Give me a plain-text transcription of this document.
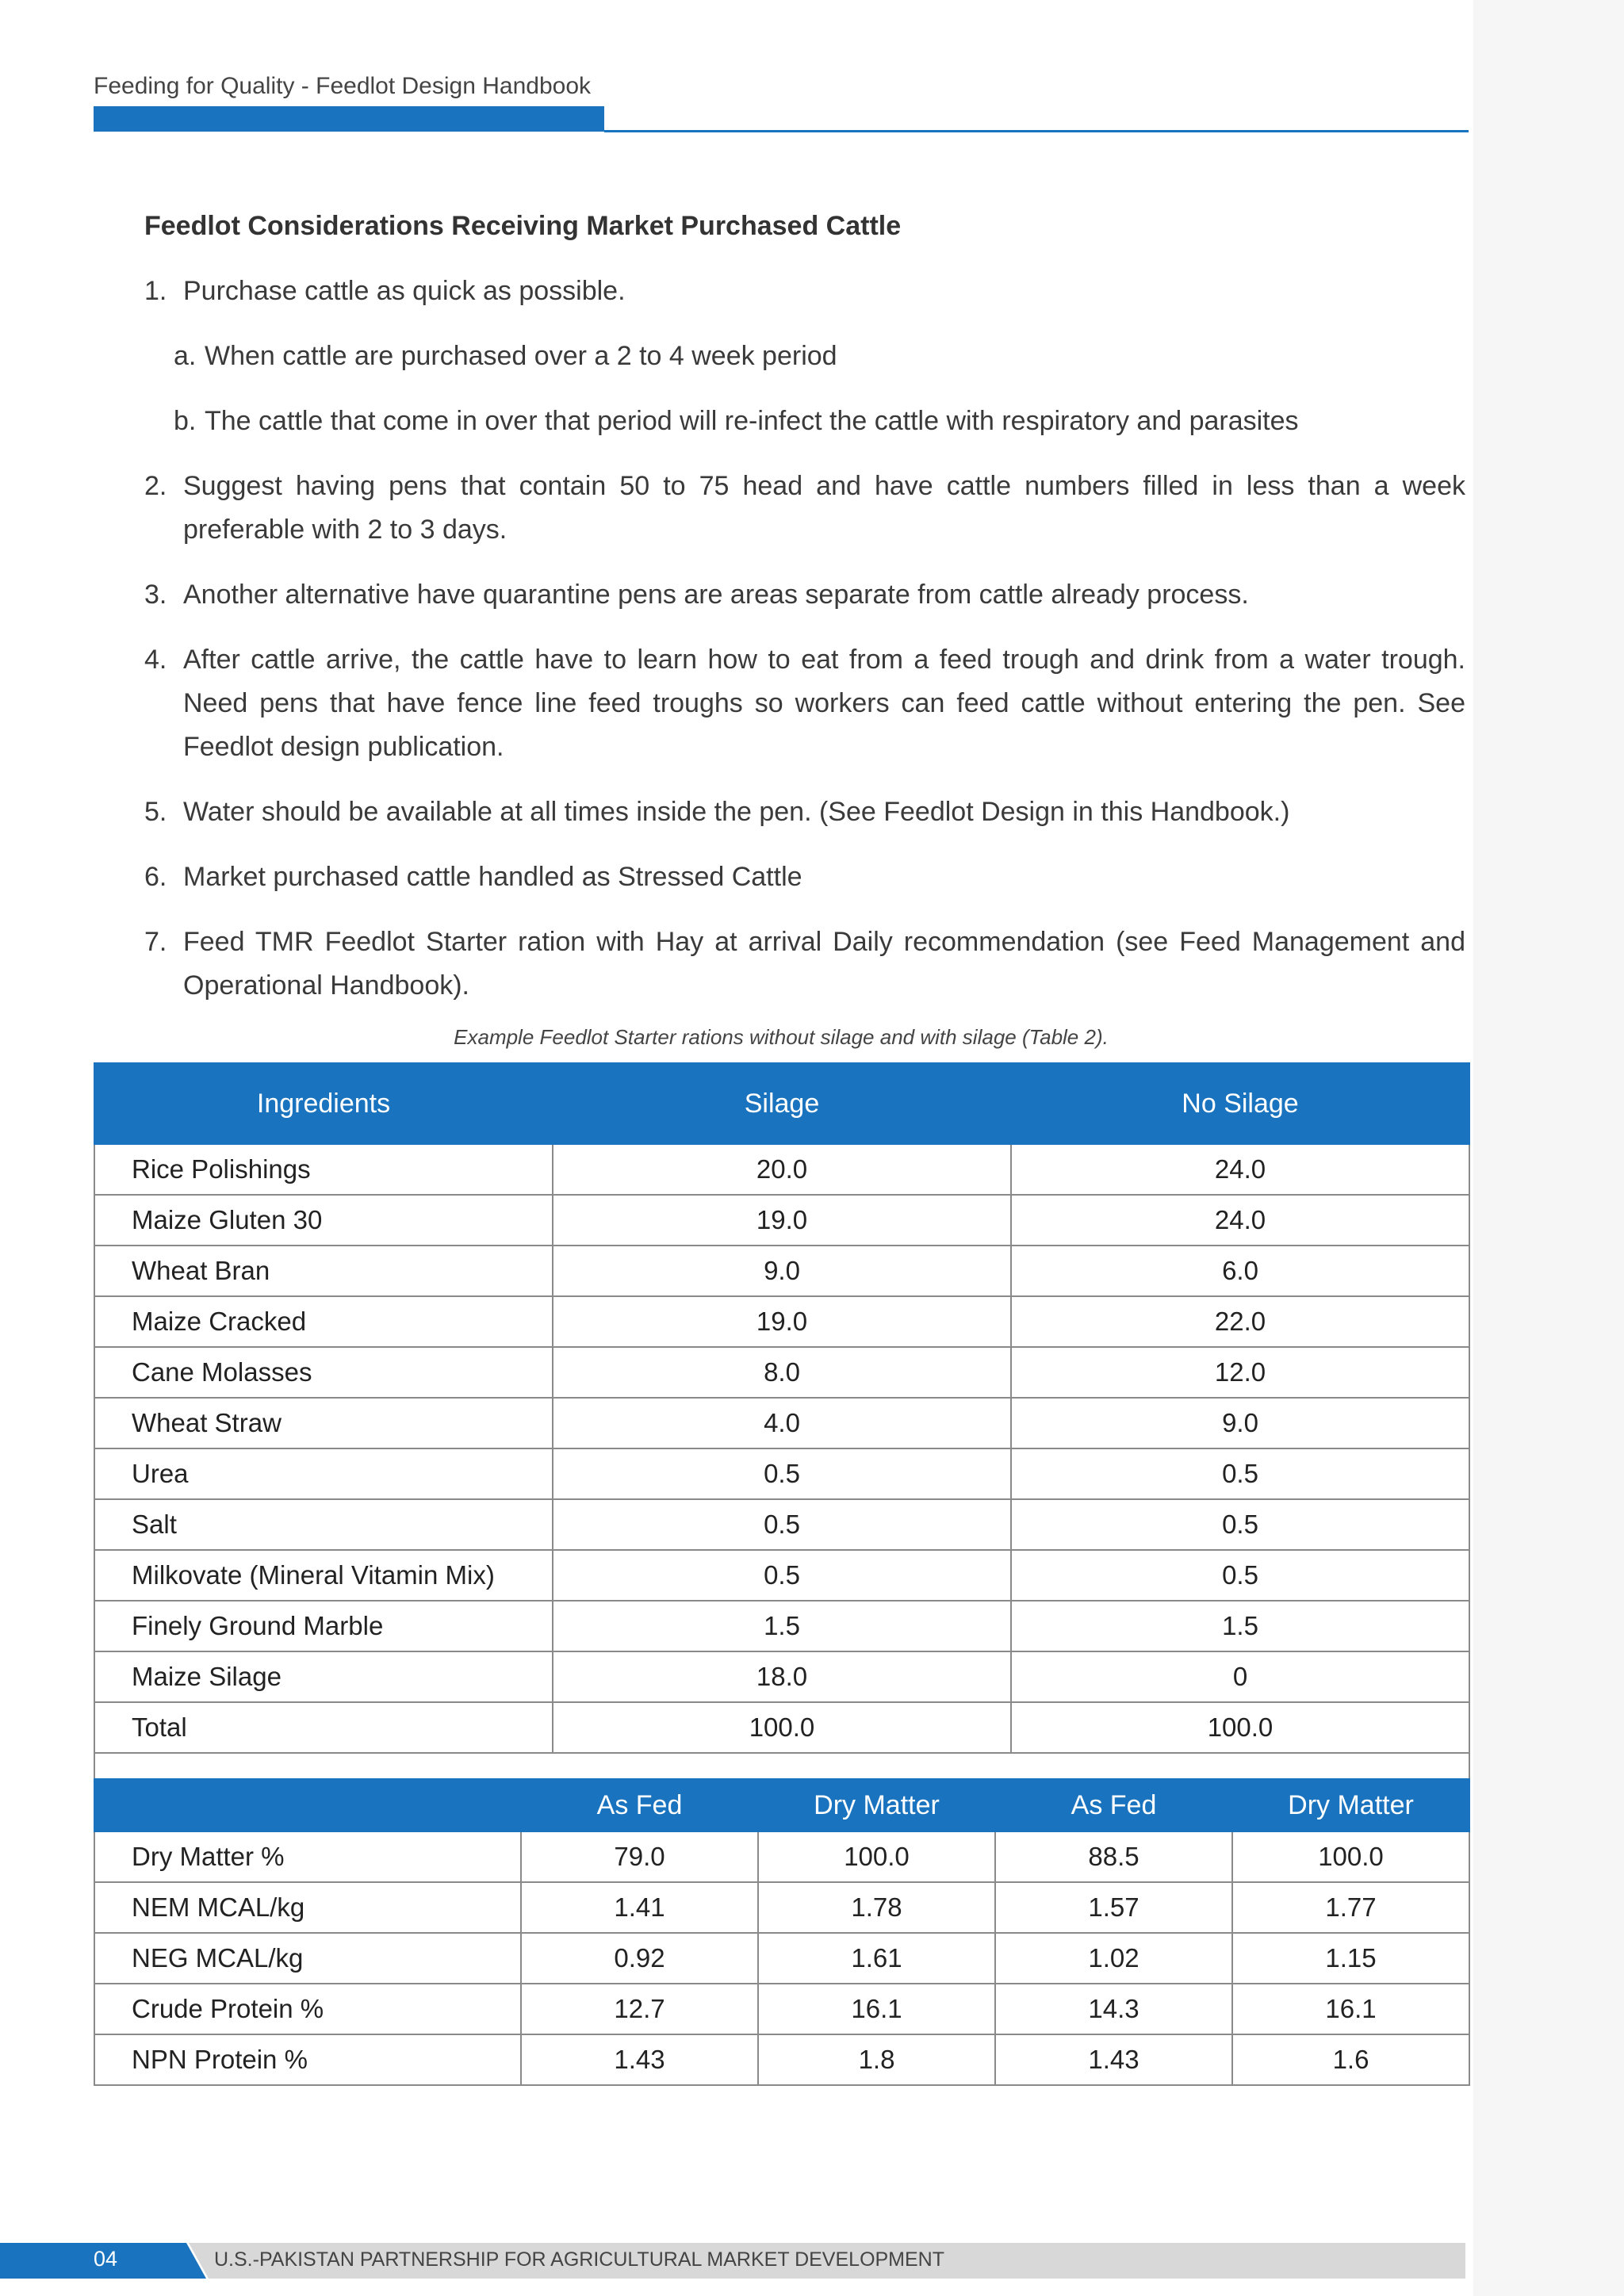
Feeding for Quality - Feedlot Design Handbook
Feedlot Considerations Receiving Market Purchased Cattle
1. Purchase cattle as quick as possible.
a. When cattle are purchased over a 2 to 4 week period
b. The cattle that come in over that period will re-infect the cattle with respiratory and parasites
2. Suggest having pens that contain 50 to 75 head and have cattle numbers filled in less than a week preferable with 2 to 3 days.
3. Another alternative have quarantine pens are areas separate from cattle already process.
4. After cattle arrive, the cattle have to learn how to eat from a feed trough and drink from a water trough. Need pens that have fence line feed troughs so workers can feed cattle without entering the pen. See Feedlot design publication.
5. Water should be available at all times inside the pen. (See Feedlot Design in this Handbook.)
6. Market purchased cattle handled as Stressed Cattle
7. Feed TMR Feedlot Starter ration with Hay at arrival Daily recommendation (see Feed Management and Operational Handbook).
Example Feedlot Starter rations without silage and with silage (Table 2).
Ingredients	Silage	No Silage
Rice Polishings	20.0	24.0
Maize Gluten 30	19.0	24.0
Wheat Bran	9.0	6.0
Maize Cracked	19.0	22.0
Cane Molasses	8.0	12.0
Wheat Straw	4.0	9.0
Urea	0.5	0.5
Salt	0.5	0.5
Milkovate (Mineral Vitamin Mix)	0.5	0.5
Finely Ground Marble	1.5	1.5
Maize Silage	18.0	0
Total	100.0	100.0

	As Fed	Dry Matter	As Fed	Dry Matter
Dry Matter %	79.0	100.0	88.5	100.0
NEM MCAL/kg	1.41	1.78	1.57	1.77
NEG MCAL/kg	0.92	1.61	1.02	1.15
Crude Protein %	12.7	16.1	14.3	16.1
NPN Protein %	1.43	1.8	1.43	1.6
04	U.S.-PAKISTAN PARTNERSHIP FOR AGRICULTURAL MARKET DEVELOPMENT
